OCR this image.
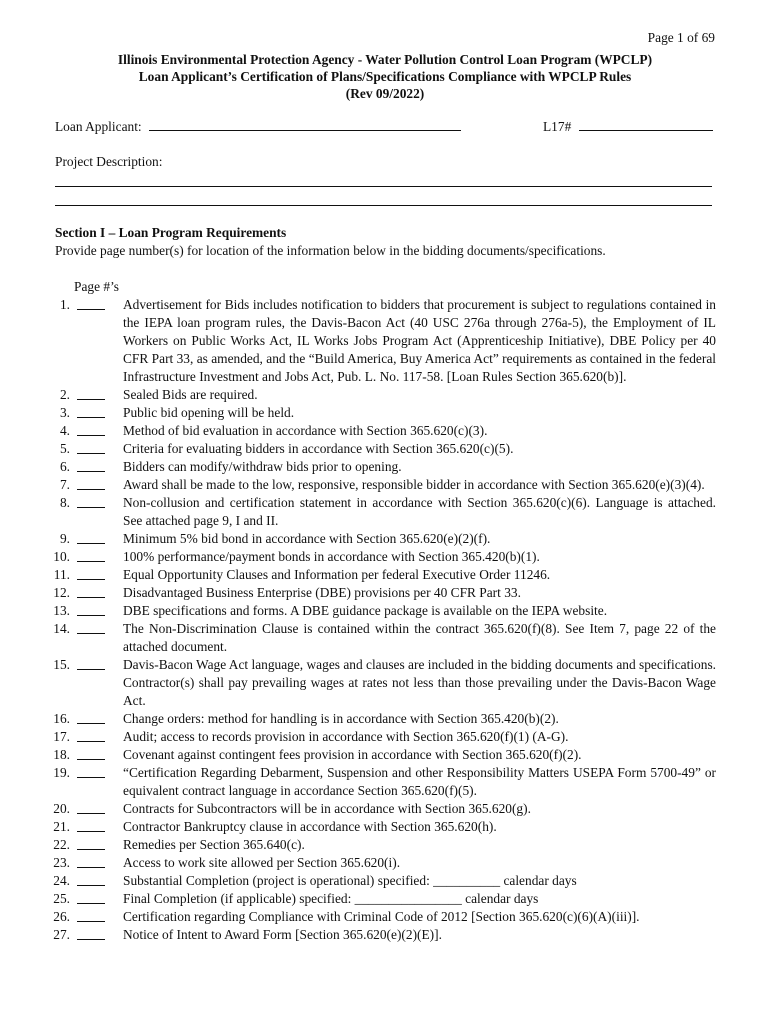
Page 1 of 69
Illinois Environmental Protection Agency - Water Pollution Control Loan Program (WPCLP)
Loan Applicant’s Certification of Plans/Specifications Compliance with WPCLP Rules
(Rev 09/2022)
Loan Applicant:	L17#
Project Description:
Section I – Loan Program Requirements
Provide page number(s) for location of the information below in the bidding documents/specifications.
Page #’s
1.	Advertisement for Bids includes notification to bidders that procurement is subject to regulations contained in the IEPA loan program rules, the Davis-Bacon Act (40 USC 276a through 276a-5), the Employment of IL Workers on Public Works Act, IL Works Jobs Program Act (Apprenticeship Initiative), DBE Policy per 40 CFR Part 33, as amended, and the “Build America, Buy America Act” requirements as contained in the federal Infrastructure Investment and Jobs Act, Pub. L. No. 117-58. [Loan Rules Section 365.620(b)].
2.	Sealed Bids are required.
3.	Public bid opening will be held.
4.	Method of bid evaluation in accordance with Section 365.620(c)(3).
5.	Criteria for evaluating bidders in accordance with Section 365.620(c)(5).
6.	Bidders can modify/withdraw bids prior to opening.
7.	Award shall be made to the low, responsive, responsible bidder in accordance with Section 365.620(e)(3)(4).
8.	Non-collusion and certification statement in accordance with Section 365.620(c)(6). Language is attached. See attached page 9, I and II.
9.	Minimum 5% bid bond in accordance with Section 365.620(e)(2)(f).
10.	100% performance/payment bonds in accordance with Section 365.420(b)(1).
11.	Equal Opportunity Clauses and Information per federal Executive Order 11246.
12.	Disadvantaged Business Enterprise (DBE) provisions per 40 CFR Part 33.
13.	DBE specifications and forms. A DBE guidance package is available on the IEPA website.
14.	The Non-Discrimination Clause is contained within the contract 365.620(f)(8). See Item 7, page 22 of the attached document.
15.	Davis-Bacon Wage Act language, wages and clauses are included in the bidding documents and specifications. Contractor(s) shall pay prevailing wages at rates not less than those prevailing under the Davis-Bacon Wage Act.
16.	Change orders: method for handling is in accordance with Section 365.420(b)(2).
17.	Audit; access to records provision in accordance with Section 365.620(f)(1) (A-G).
18.	Covenant against contingent fees provision in accordance with Section 365.620(f)(2).
19.	“Certification Regarding Debarment, Suspension and other Responsibility Matters USEPA Form 5700-49” or equivalent contract language in accordance Section 365.620(f)(5).
20.	Contracts for Subcontractors will be in accordance with Section 365.620(g).
21.	Contractor Bankruptcy clause in accordance with Section 365.620(h).
22.	Remedies per Section 365.640(c).
23.	Access to work site allowed per Section 365.620(i).
24.	Substantial Completion (project is operational) specified: __________ calendar days
25.	Final Completion (if applicable) specified: ________________ calendar days
26.	Certification regarding Compliance with Criminal Code of 2012 [Section 365.620(c)(6)(A)(iii)].
27.	Notice of Intent to Award Form [Section 365.620(e)(2)(E)].
